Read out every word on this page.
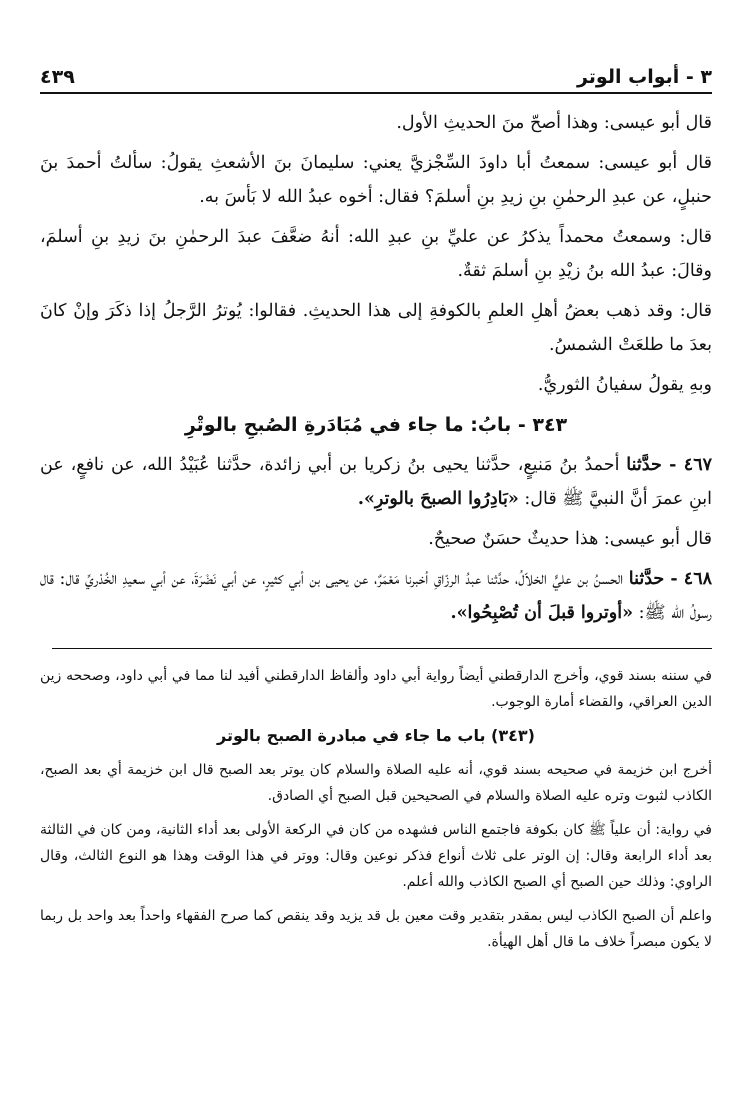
٣ - أبواب الوتر
٤٣٩

قال أبو عيسى: وهذا أصحّ منَ الحديثِ الأول.

قال أبو عيسى: سمعتُ أبا داودَ السِّجْزيَّ يعني: سليمانَ بنَ الأشعثِ يقولُ: سألتُ أحمدَ بنَ حنبلٍ، عن عبدِ الرحمٰنِ بنِ زيدِ بنِ أسلمَ؟ فقال: أخوه عبدُ الله لا بَأسَ به.

قال: وسمعتُ محمداً يذكرُ عن عليِّ بنِ عبدِ الله: أنهُ ضعَّفَ عبدَ الرحمٰنِ بنَ زيدِ بنِ أسلمَ، وقالَ: عبدُ الله بنُ زيْدِ بنِ أسلمَ ثقةٌ.

قال: وقد ذهب بعضُ أهلِ العلمِ بالكوفةِ إلى هذا الحديثِ. فقالوا: يُوترُ الرَّجلُ إذا ذكَرَ وإنْ كانَ بعدَ ما طلعَتْ الشمسُ.

وبهِ يقولُ سفيانُ الثوريُّ.

٣٤٣ - بابُ: ما جاء في مُبَادَرةِ الصُبحِ بالوتْرِ

٤٦٧ - حدَّثنا أحمدُ بنُ مَنيعٍ، حدَّثنا يحيى بنُ زكريا بن أبي زائدة، حدَّثنا عُبَيْدُ الله، عن نافعٍ، عن ابنِ عمرَ أنَّ النبيَّ ﷺ قال: «بَادِرُوا الصبحَ بالوترِ».

قال أبو عيسى: هذا حديثٌ حسَنٌ صحيحٌ.

٤٦٨ - حدَّثنا الحسنُ بن عليٍّ الخلاّلُ، حدَّثنا عبدُ الرزّاقِ أخبرنا مَعْمَرٌ، عن يحيى بن أبي كثيرٍ، عن أبي نَضْرَةَ، عن أبي سعيدِ الخُدْريِّ قال: قال رسولُ الله ﷺ: «أوتروا قبلَ أن تُصْبِحُوا».

في سننه بسند قوي، وأخرج الدارقطني أيضاً رواية أبي داود وألفاظ الدارقطني أفيد لنا مما في أبي داود، وصححه زين الدين العراقي، والقضاء أمارة الوجوب.

(٣٤٣) باب ما جاء في مبادرة الصبح بالوتر

أخرج ابن خزيمة في صحيحه بسند قوي، أنه عليه الصلاة والسلام كان يوتر بعد الصبح قال ابن خزيمة أي بعد الصبح، الكاذب لثبوت وتره عليه الصلاة والسلام في الصحيحين قبل الصبح أي الصادق.

في رواية: أن علياً ﷺ كان بكوفة فاجتمع الناس فشهده من كان في الركعة الأولى بعد أداء الثانية، ومن كان في الثالثة بعد أداء الرابعة وقال: إن الوتر على ثلاث أنواع فذكر نوعين وقال: ووتر في هذا الوقت وهذا هو النوع الثالث، وقال الراوي: وذلك حين الصبح أي الصبح الكاذب والله أعلم.

واعلم أن الصبح الكاذب ليس بمقدر بتقدير وقت معين بل قد يزيد وقد ينقص كما صرح الفقهاء واحداً بعد واحد بل ربما لا يكون مبصراً خلاف ما قال أهل الهيأة.
